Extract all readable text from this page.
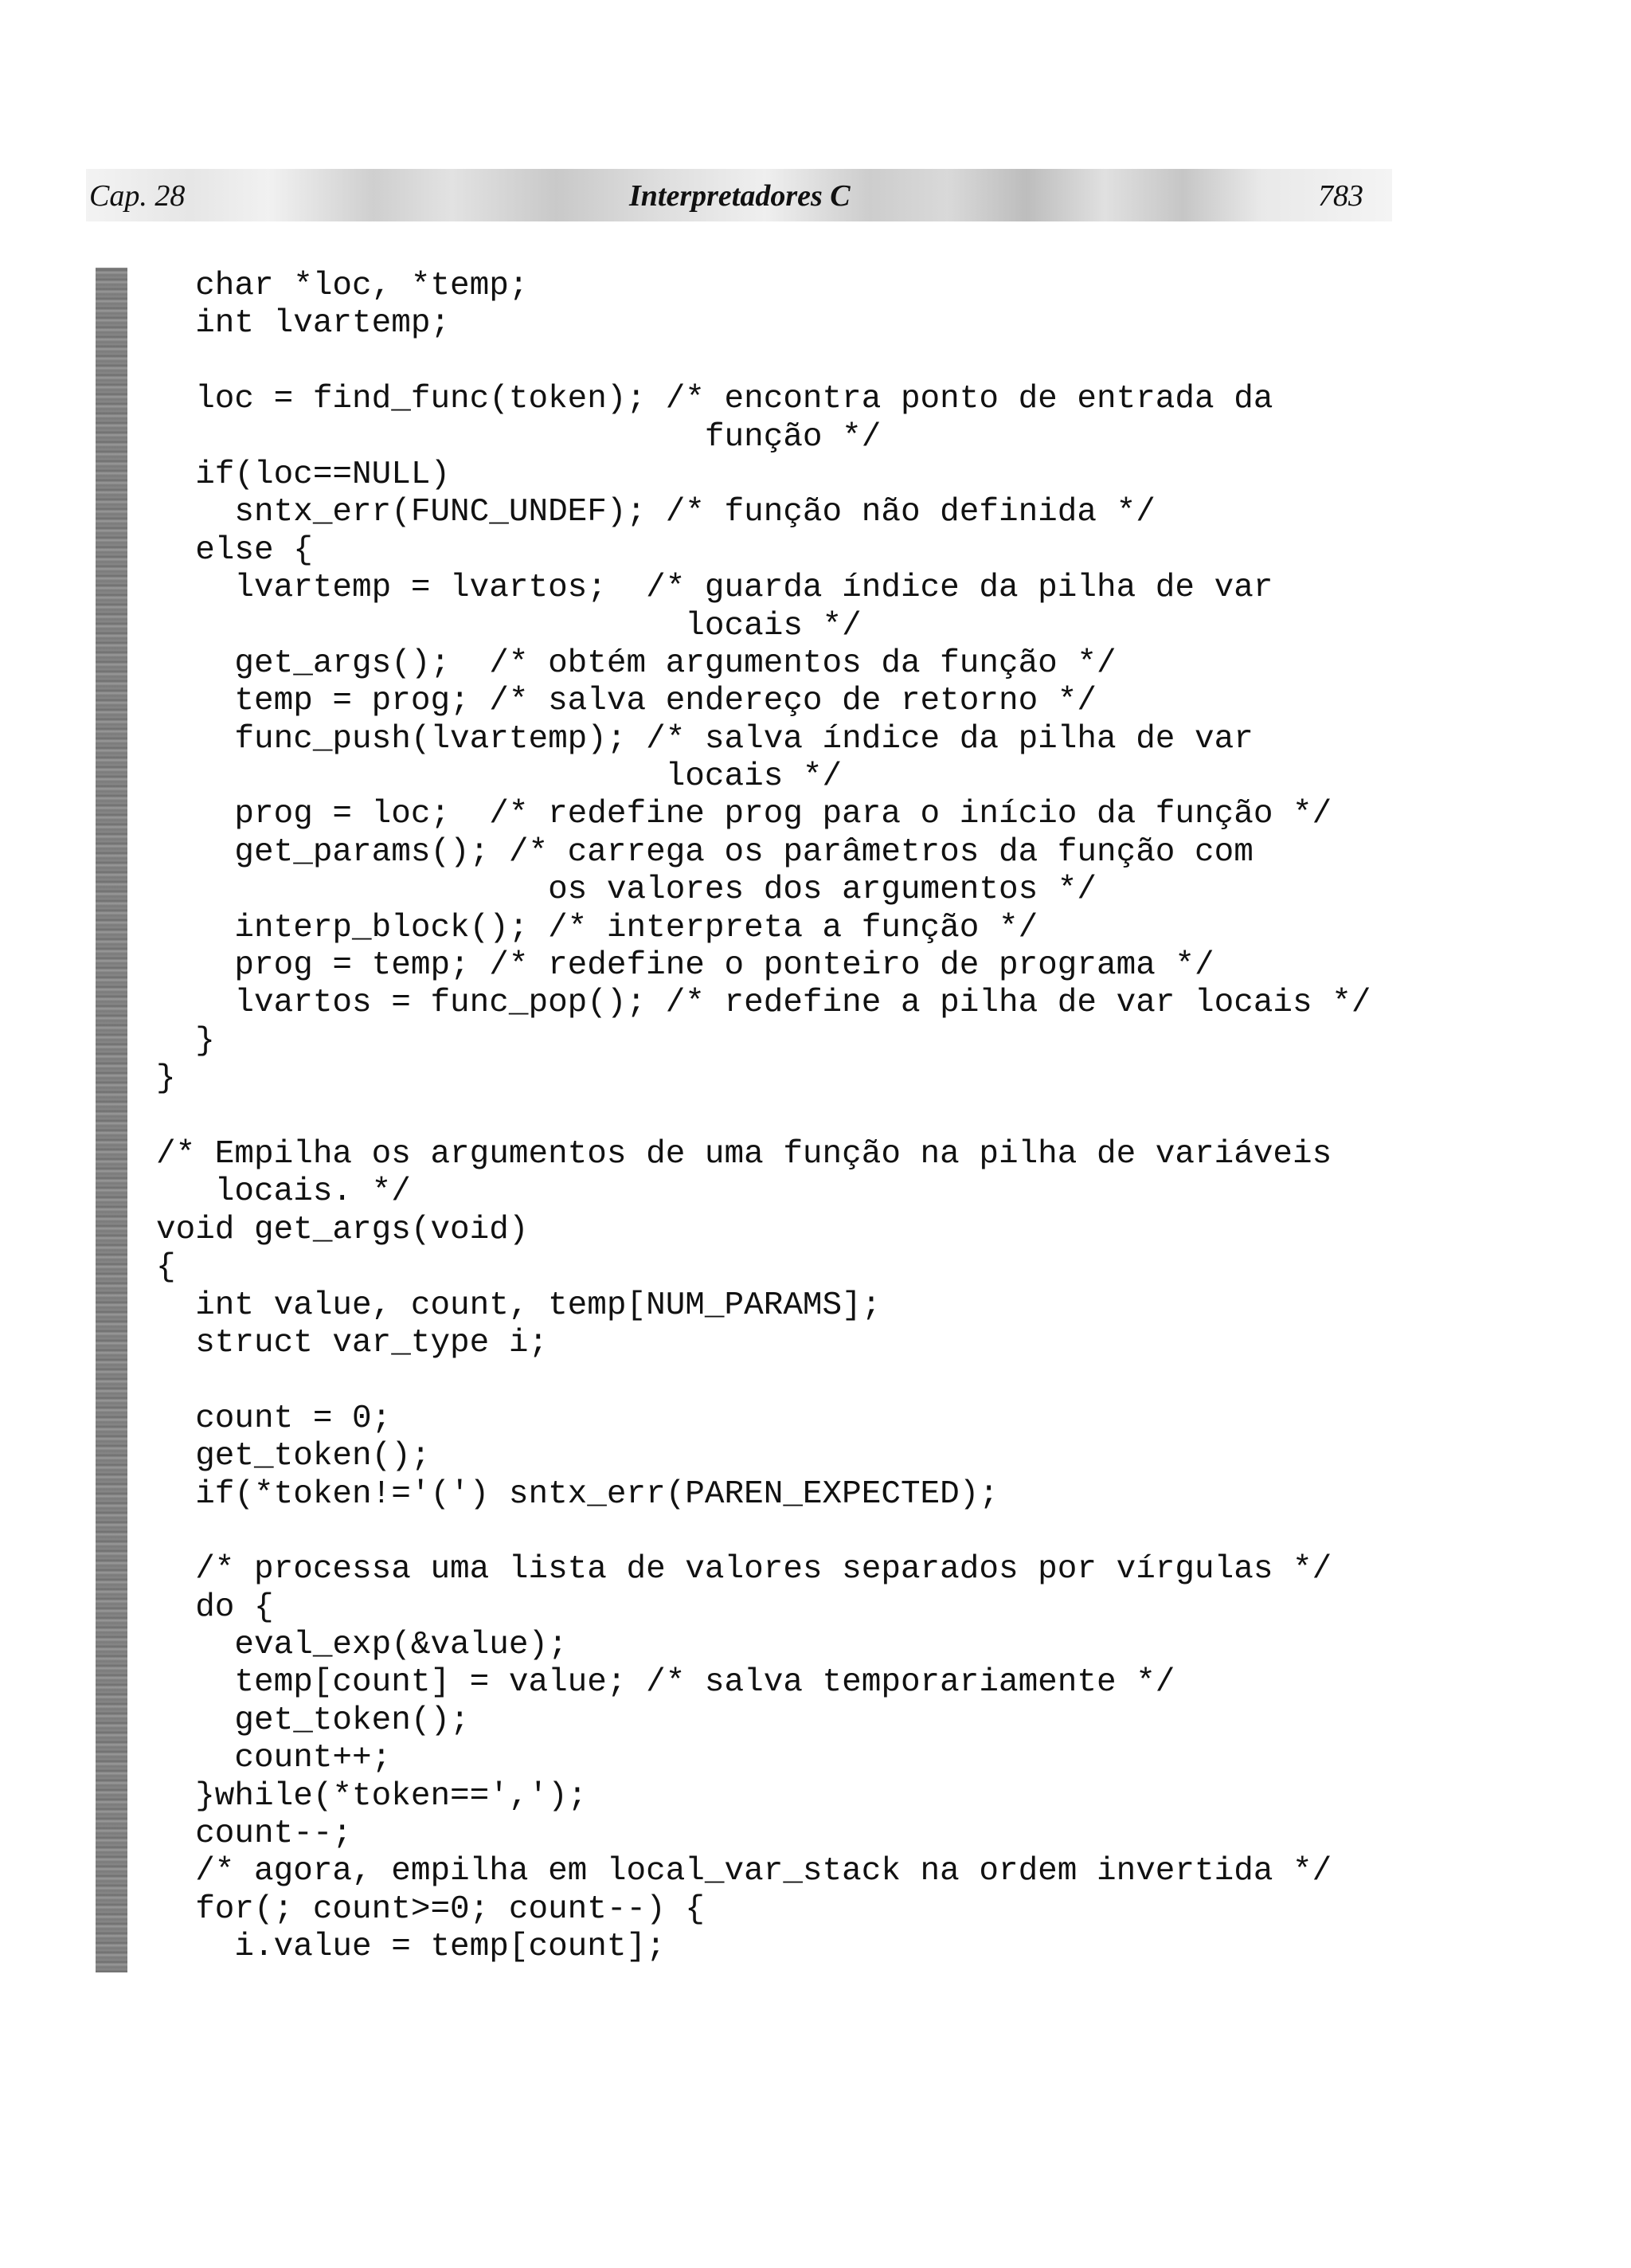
Cap. 28	Interpretadores C	783
char *loc, *temp;
int lvartemp;
loc = find_func(token); /* encontra ponto de entrada da
função */
if(loc==NULL)
sntx_err(FUNC_UNDEF); /* função não definida */
else {
lvartemp = lvartos;  /* guarda índice da pilha de var
locais */
get_args();  /* obtém argumentos da função */
temp = prog; /* salva endereço de retorno */
func_push(lvartemp); /* salva índice da pilha de var
locais */
prog = loc;  /* redefine prog para o início da função */
get_params(); /* carrega os parâmetros da função com
os valores dos argumentos */
interp_block(); /* interpreta a função */
prog = temp; /* redefine o ponteiro de programa */
lvartos = func_pop(); /* redefine a pilha de var locais */
}
}
/* Empilha os argumentos de uma função na pilha de variáveis
locais. */
void get_args(void)
{
int value, count, temp[NUM_PARAMS];
struct var_type i;
count = 0;
get_token();
if(*token!='(') sntx_err(PAREN_EXPECTED);
/* processa uma lista de valores separados por vírgulas */
do {
eval_exp(&value);
temp[count] = value; /* salva temporariamente */
get_token();
count++;
}while(*token==',');
count--;
/* agora, empilha em local_var_stack na ordem invertida */
for(; count>=0; count--) {
i.value = temp[count];
